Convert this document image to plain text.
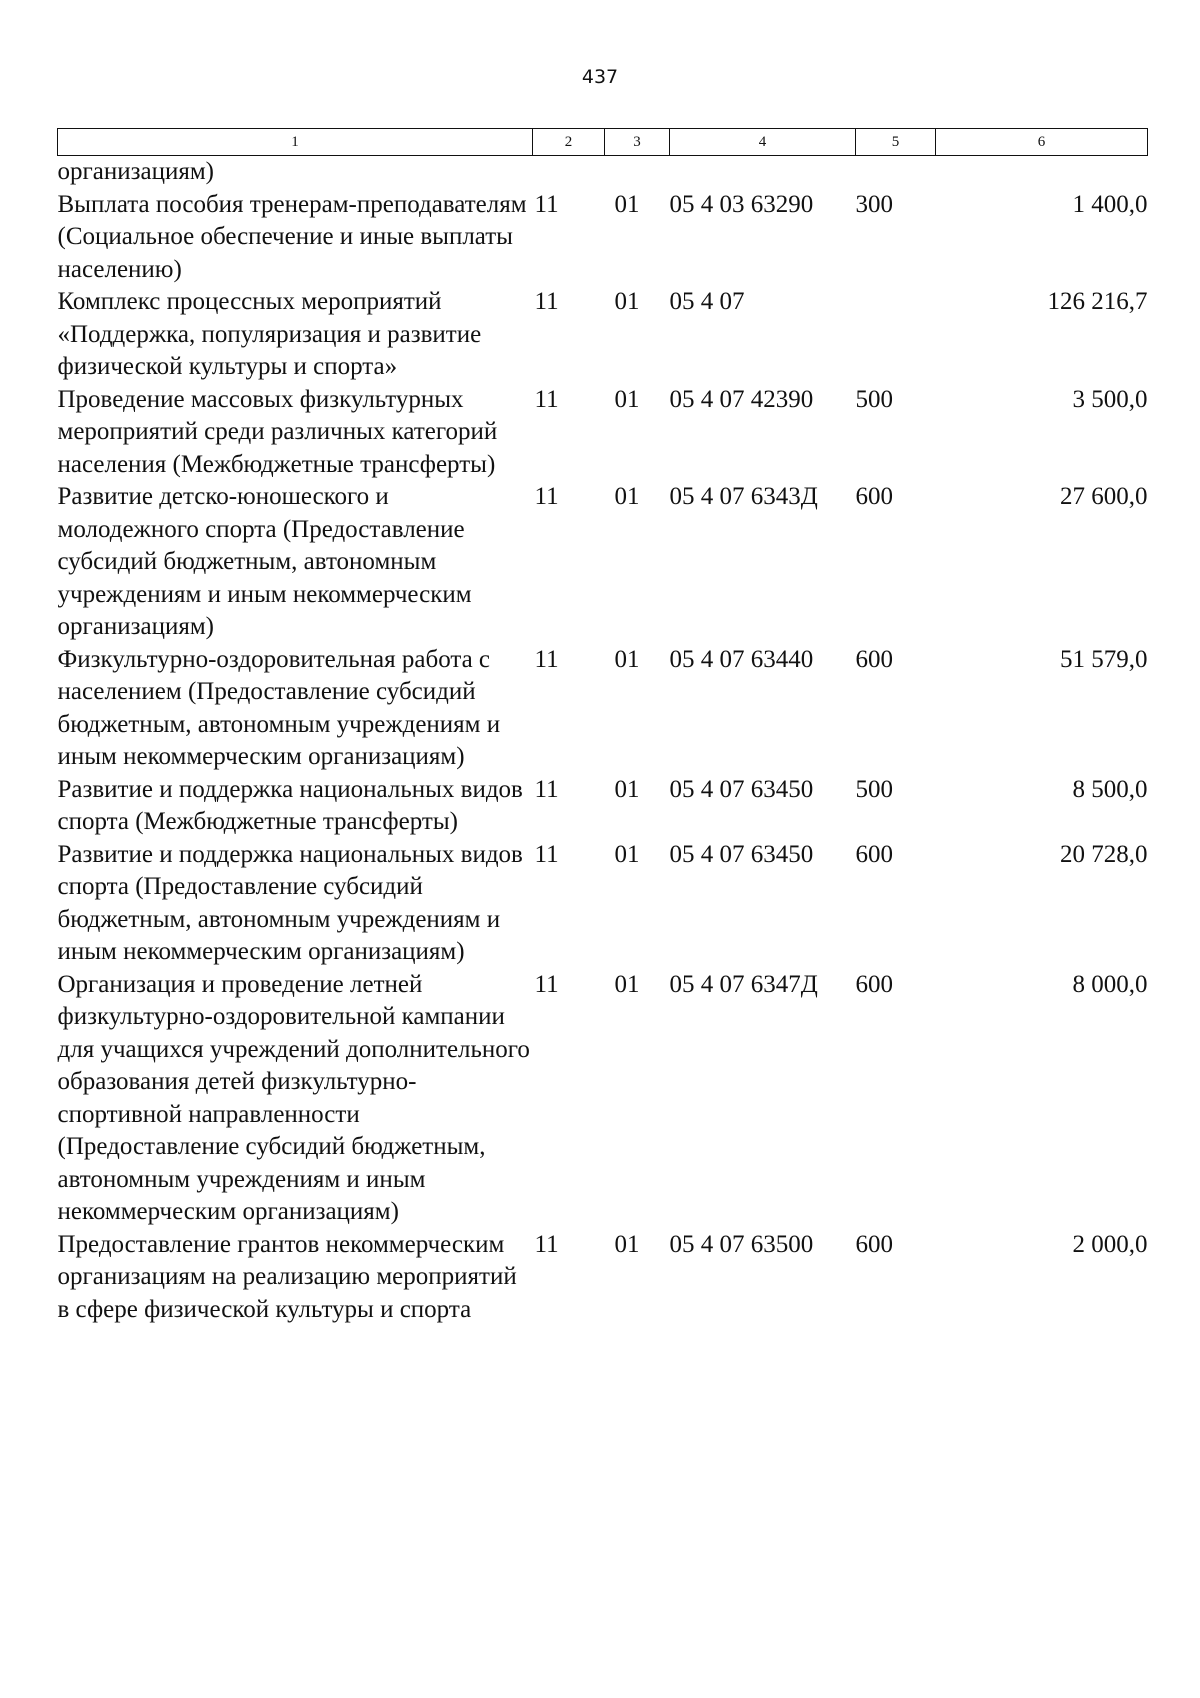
437
1	2	3	4	5	6
организациям)					
Выплата пособия тренерам-преподавателям (Социальное обеспечение и иные выплаты населению)	11	01	05 4 03 63290	300	1 400,0
Комплекс процессных мероприятий «Поддержка, популяризация и развитие физической культуры и спорта»	11	01	05 4 07		126 216,7
Проведение массовых физкультурных мероприятий среди различных категорий населения (Межбюджетные трансферты)	11	01	05 4 07 42390	500	3 500,0
Развитие детско-юношеского и молодежного спорта (Предоставление субсидий бюджетным, автономным учреждениям и иным некоммерческим организациям)	11	01	05 4 07 6343Д	600	27 600,0
Физкультурно-оздоровительная работа с населением (Предоставление субсидий бюджетным, автономным учреждениям и иным некоммерческим организациям)	11	01	05 4 07 63440	600	51 579,0
Развитие и поддержка национальных видов спорта (Межбюджетные трансферты)	11	01	05 4 07 63450	500	8 500,0
Развитие и поддержка национальных видов спорта (Предоставление субсидий бюджетным, автономным учреждениям и иным некоммерческим организациям)	11	01	05 4 07 63450	600	20 728,0
Организация и проведение летней физкультурно-оздоровительной кампании для учащихся учреждений дополнительного образования детей физкультурно-спортивной направленности (Предоставление субсидий бюджетным, автономным учреждениям и иным некоммерческим организациям)	11	01	05 4 07 6347Д	600	8 000,0
Предоставление грантов некоммерческим организациям на реализацию мероприятий в сфере физической культуры и спорта	11	01	05 4 07 63500	600	2 000,0
